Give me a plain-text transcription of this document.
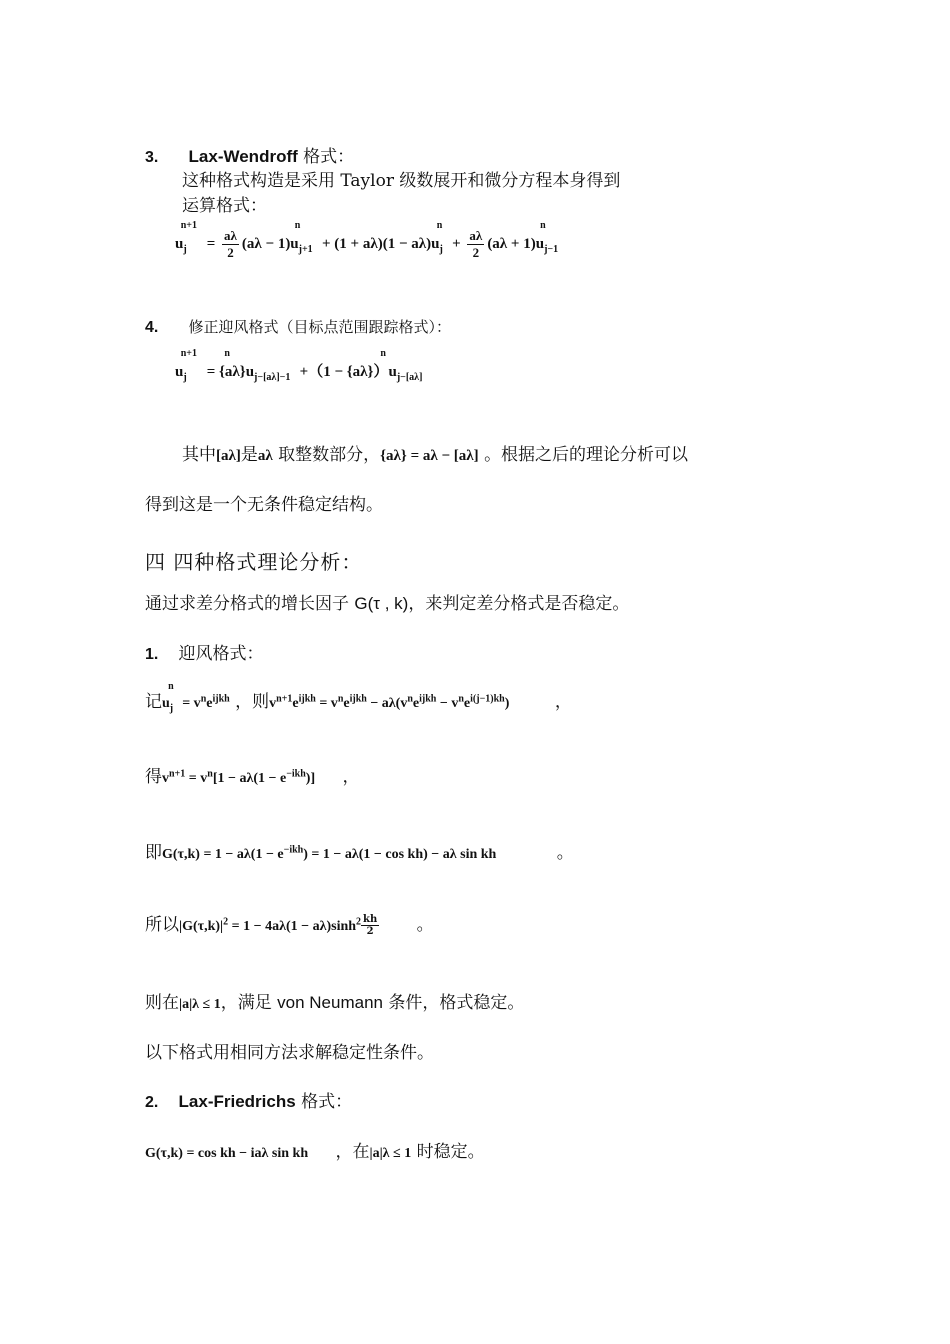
3. Lax-Wendroff 格式：
这种格式构造是采用 Taylor 级数展开和微分方程本身得到
运算格式：
$u_j^{n+1} = \frac{a\lambda}{2} (a\lambda - 1)u_{j+1}^n + (1 + a\lambda)(1 - a\lambda)u_j^n + \frac{a\lambda}{2} (a\lambda + 1)u_{j-1}^n$
4. 修正迎风格式（目标点范围跟踪格式）：
$u_j^{n+1} = \{a\lambda\}u_{j-[a\lambda]-1}^n +(1 - \{a\lambda\})u_{j-[a\lambda]}^n$
其中[aλ]是aλ 取整数部分，{aλ} = aλ − [aλ] 。根据之后的理论分析可以
得到这是一个无条件稳定结构。
四 四种格式理论分析：
通过求差分格式的增长因子 G(τ , k)，来判定差分格式是否稳定。
1. 迎风格式：
记$u_j^n = v^ne^{ijkh}$ ，则$v^{n+1}e^{ijkh} = v^ne^{ijkh} - a\lambda(v^ne^{ijkh} - v^ne^{i(j-1)kh})$	，
得$v^{n+1} = v^n[1 - a\lambda(1 - e^{-ikh})]$ ，
即$G(\tau,k) = 1 - a\lambda(1 - e^{-ikh}) = 1 - a\lambda(1 - \cos kh) - a\lambda$ sin kh	。
所以$|G(\tau,k)|^2 = 1 - 4a\lambda(1 - a\lambda)\sinh^2 \frac{kh}{2}$ 。
则在|a|λ ≤ 1，满足 von Neumann 条件，格式稳定。
以下格式用相同方法求解稳定性条件。
2. Lax-Friedrichs 格式：
G(τ,k) = cos kh − iaλ sin kh ，在|a|λ ≤ 1 时稳定。
